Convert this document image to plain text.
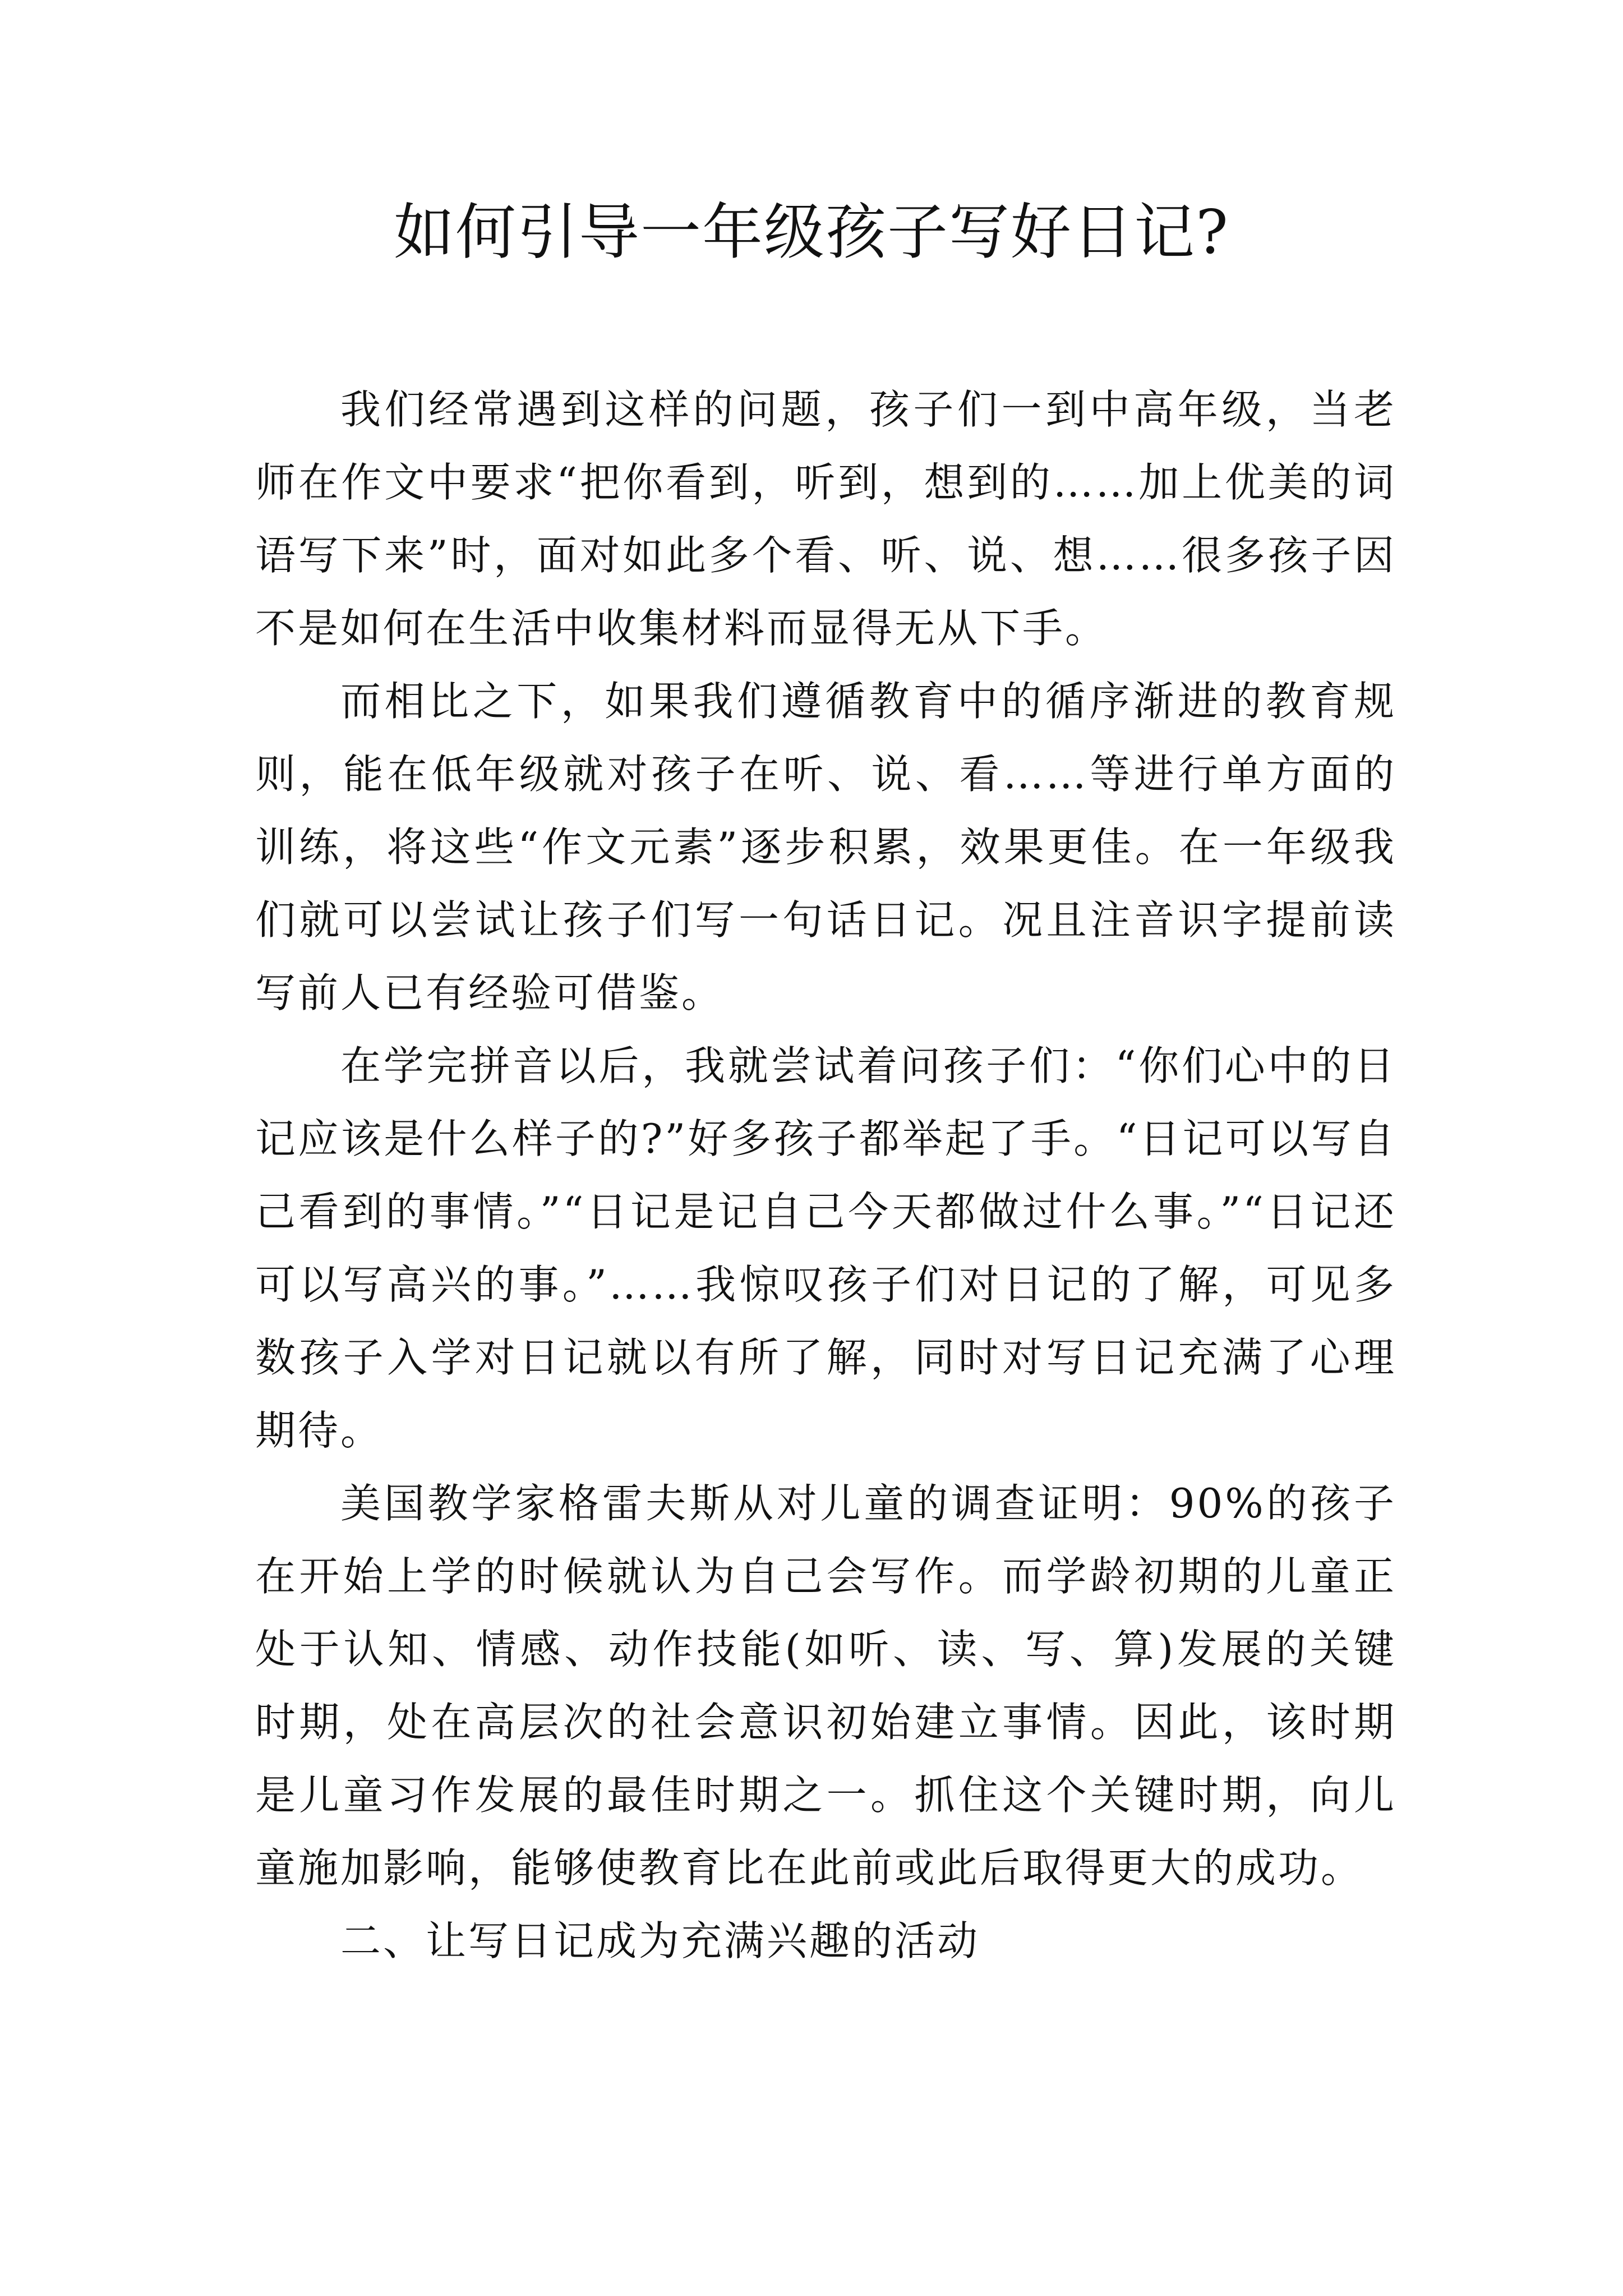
如何引导一年级孩子写好日记?

我们经常遇到这样的问题，孩子们一到中高年级，当老师在作文中要求“把你看到，听到，想到的……加上优美的词语写下来”时，面对如此多个看、听、说、想……很多孩子因不是如何在生活中收集材料而显得无从下手。

而相比之下，如果我们遵循教育中的循序渐进的教育规则，能在低年级就对孩子在听、说、看……等进行单方面的训练，将这些“作文元素”逐步积累，效果更佳。在一年级我们就可以尝试让孩子们写一句话日记。况且注音识字提前读写前人已有经验可借鉴。

在学完拼音以后，我就尝试着问孩子们：“你们心中的日记应该是什么样子的?”好多孩子都举起了手。“日记可以写自己看到的事情。”“日记是记自己今天都做过什么事。”“日记还可以写高兴的事。”……我惊叹孩子们对日记的了解，可见多数孩子入学对日记就以有所了解，同时对写日记充满了心理期待。

美国教学家格雷夫斯从对儿童的调查证明：90%的孩子在开始上学的时候就认为自己会写作。而学龄初期的儿童正处于认知、情感、动作技能(如听、读、写、算)发展的关键时期，处在高层次的社会意识初始建立事情。因此，该时期是儿童习作发展的最佳时期之一。抓住这个关键时期，向儿童施加影响，能够使教育比在此前或此后取得更大的成功。

二、让写日记成为充满兴趣的活动
